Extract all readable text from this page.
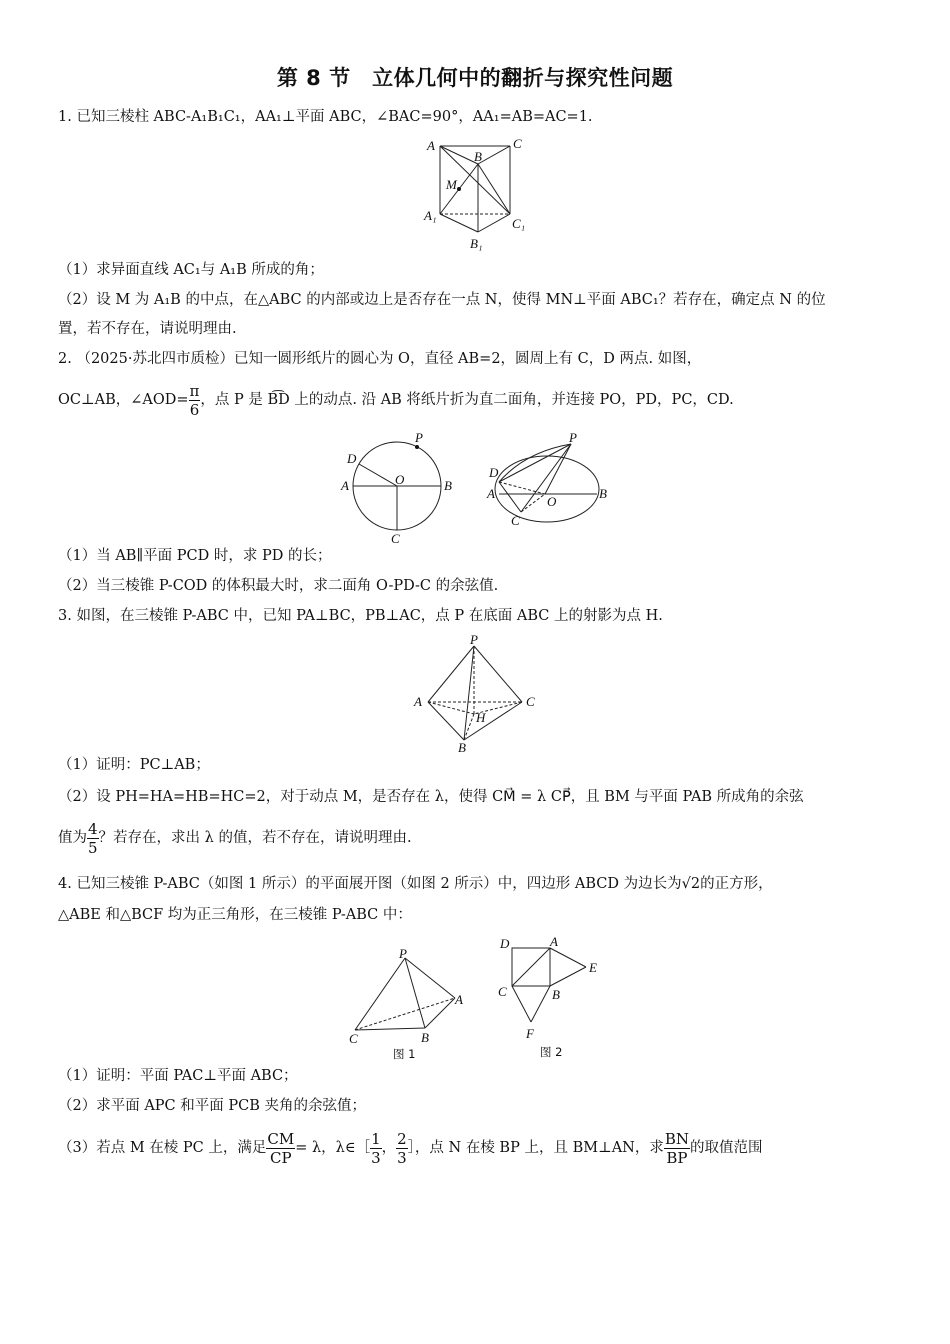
第 8 节　立体几何中的翻折与探究性问题
1. 已知三棱柱 ABC-A₁B₁C₁，AA₁⊥平面 ABC，∠BAC=90°，AA₁=AB=AC=1.
A
B
C
M
A₁
B₁
C₁
（1）求异面直线 AC₁与 A₁B 所成的角；
（2）设 M 为 A₁B 的中点，在△ABC 的内部或边上是否存在一点 N，使得 MN⊥平面 ABC₁？若存在，确定点 N 的位
置，若不存在，请说明理由.
2. （2025·苏北四市质检）已知一圆形纸片的圆心为 O，直径 AB=2，圆周上有 C，D 两点. 如图，
OC⊥AB，∠AOD= $\frac{\pi}{6}$ ，点 P 是 B͡D 上的动点. 沿 AB 将纸片折为直二面角，并连接 PO，PD，PC，CD.
D
A	O	B
P
C
D
A
O
B
P
C
（1）当 AB∥平面 PCD 时，求 PD 的长；
（2）当三棱锥 P-COD 的体积最大时，求二面角 O-PD-C 的余弦值.
3. 如图，在三棱锥 P-ABC 中，已知 PA⊥BC，PB⊥AC，点 P 在底面 ABC 上的射影为点 H.
P
A	C
H
B
（1）证明：PC⊥AB；
（2）设 PH=HA=HB=HC=2，对于动点 M，是否存在 λ，使得 CM⃗ = λ CP⃗，且 BM 与平面 PAB 所成角的余弦
值为 $\frac{4}{5}$ ？若存在，求出 λ 的值，若不存在，请说明理由.
4. 已知三棱锥 P-ABC（如图 1 所示）的平面展开图（如图 2 所示）中，四边形 ABCD 为边长为√2的正方形，
△ABE 和△BCF 均为正三角形，在三棱锥 P-ABC 中：
P
C	B
A
图 1
D	A
E
C	B
F
图 2
（1）证明：平面 PAC⊥平面 ABC；
（2）求平面 APC 和平面 PCB 夹角的余弦值；
（3）若点 M 在棱 PC 上，满足 $\frac{CM}{CP} = \lambda$，λ∈［ $\frac{1}{3}$ ， $\frac{2}{3}$ ］，点 N 在棱 BP 上，且 BM⊥AN，求 $\frac{BN}{BP}$ 的取值范围
